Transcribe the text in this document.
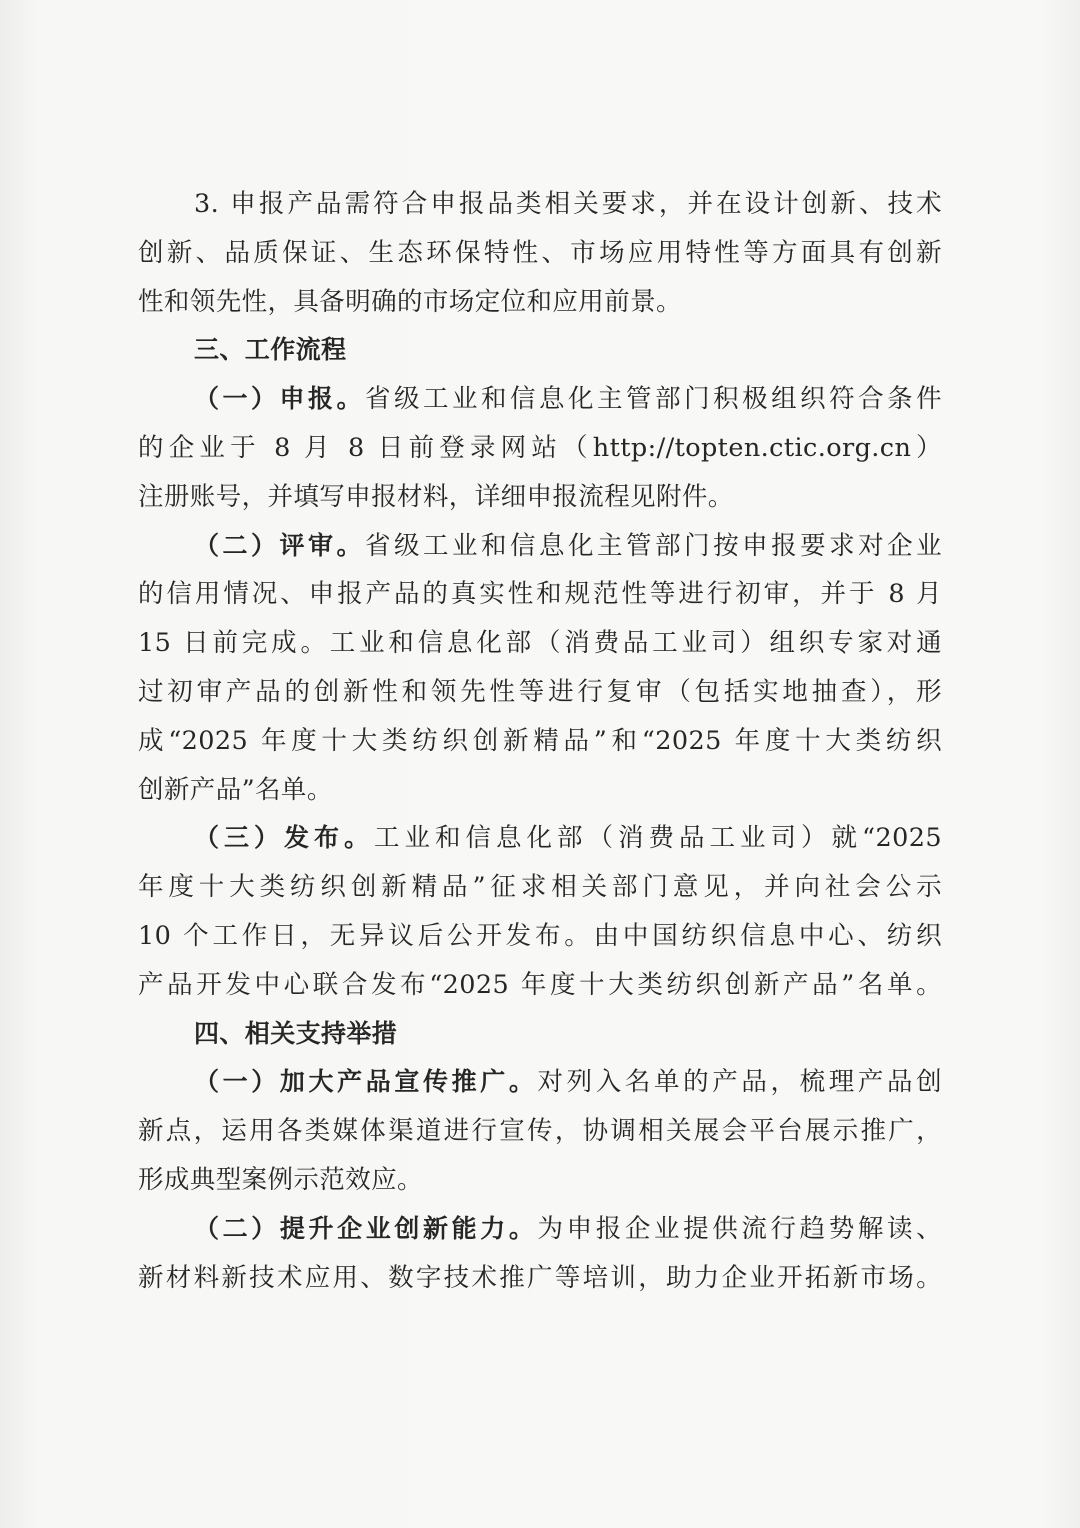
3. 申报产品需符合申报品类相关要求，并在设计创新、技术
创新、品质保证、生态环保特性、市场应用特性等方面具有创新
性和领先性，具备明确的市场定位和应用前景。

三、工作流程

（一）申报。省级工业和信息化主管部门积极组织符合条件
的企业于 8 月 8 日前登录网站（http://topten.ctic.org.cn）
注册账号，并填写申报材料，详细申报流程见附件。

（二）评审。省级工业和信息化主管部门按申报要求对企业
的信用情况、申报产品的真实性和规范性等进行初审，并于 8 月
15 日前完成。工业和信息化部（消费品工业司）组织专家对通
过初审产品的创新性和领先性等进行复审（包括实地抽查），形
成“2025 年度十大类纺织创新精品”和“2025 年度十大类纺织
创新产品”名单。

（三）发布。工业和信息化部（消费品工业司）就“2025
年度十大类纺织创新精品”征求相关部门意见，并向社会公示
10 个工作日，无异议后公开发布。由中国纺织信息中心、纺织
产品开发中心联合发布“2025 年度十大类纺织创新产品”名单。

四、相关支持举措

（一）加大产品宣传推广。对列入名单的产品，梳理产品创
新点，运用各类媒体渠道进行宣传，协调相关展会平台展示推广，
形成典型案例示范效应。

（二）提升企业创新能力。为申报企业提供流行趋势解读、
新材料新技术应用、数字技术推广等培训，助力企业开拓新市场。
